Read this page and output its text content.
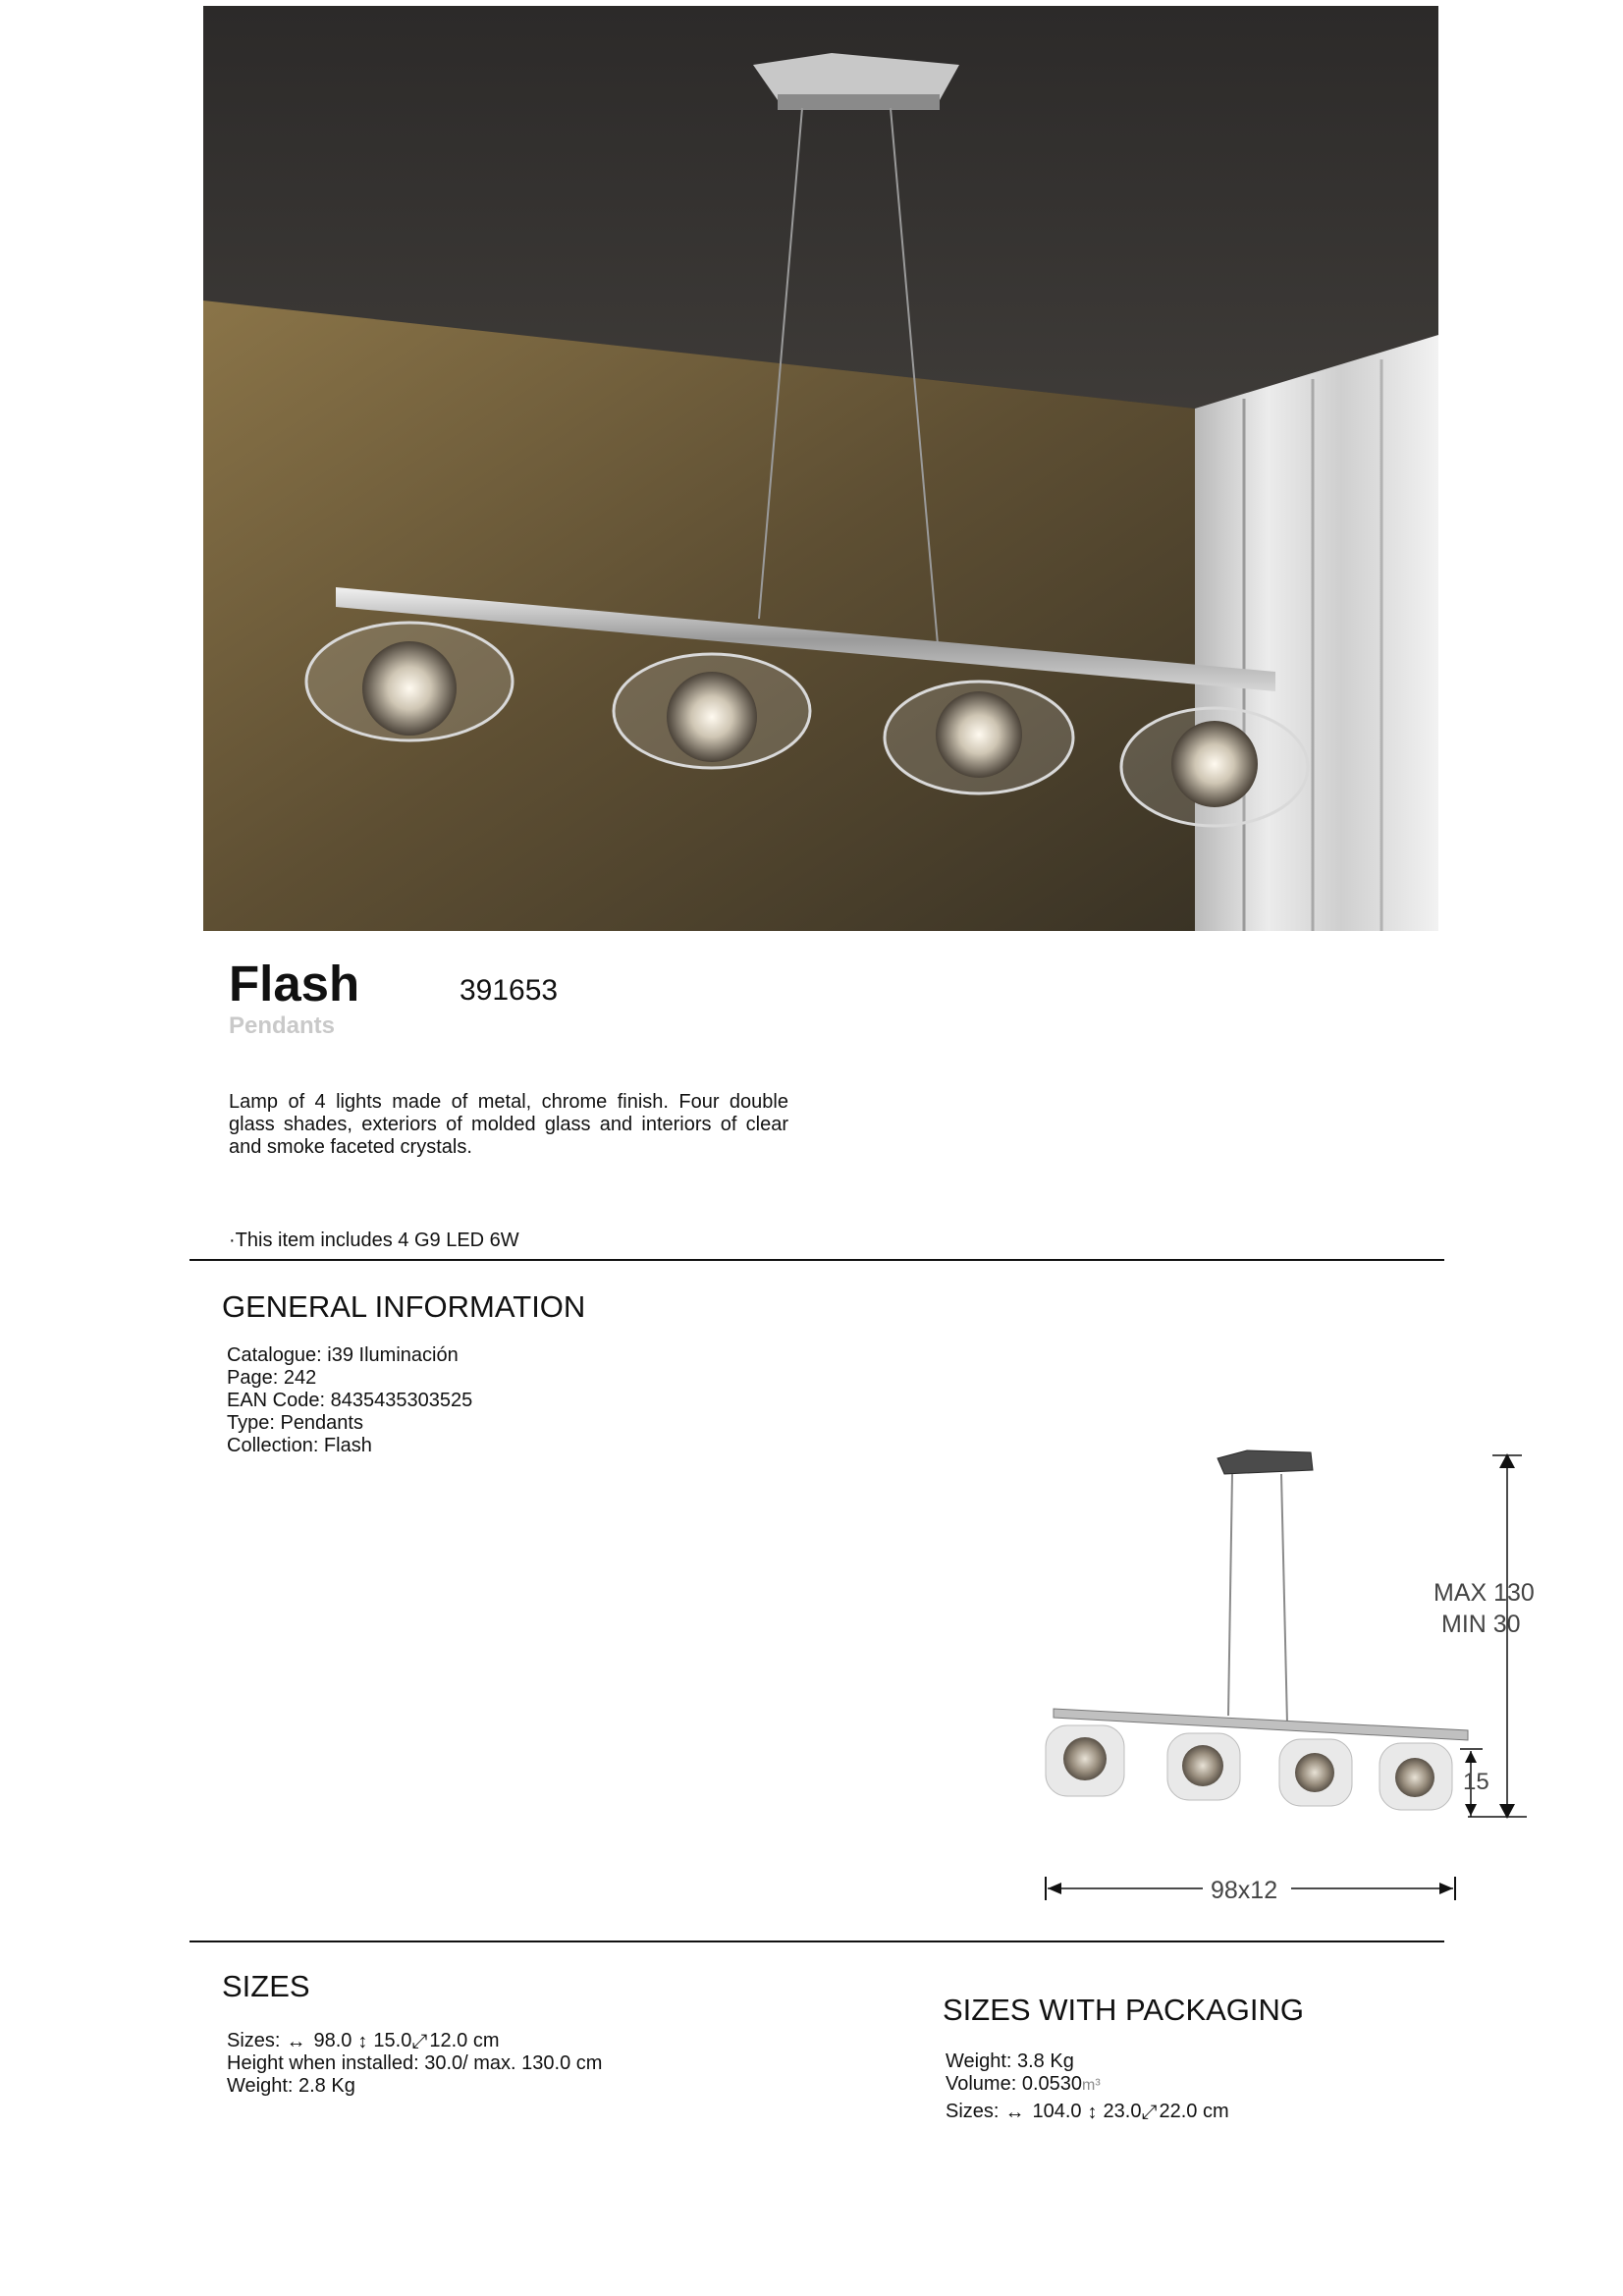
Flash	391653
Pendants
Lamp of 4 lights made of metal, chrome finish. Four double glass shades, exteriors of molded glass and interiors of clear and smoke faceted crystals.
·This item includes 4 G9 LED 6W
GENERAL INFORMATION
Catalogue: i39 Iluminación
Page: 242
EAN Code: 8435435303525
Type: Pendants
Collection: Flash
MAX 130
MIN 30
15
98x12
SIZES
Sizes: ↔ 98.0 ↕ 15.0 ⤢ 12.0 cm
Height when installed: 30.0/ max. 130.0 cm
Weight: 2.8 Kg
SIZES WITH PACKAGING
Weight: 3.8 Kg
Volume: 0.0530m³
Sizes: ↔ 104.0 ↕ 23.0 ⤢ 22.0 cm
